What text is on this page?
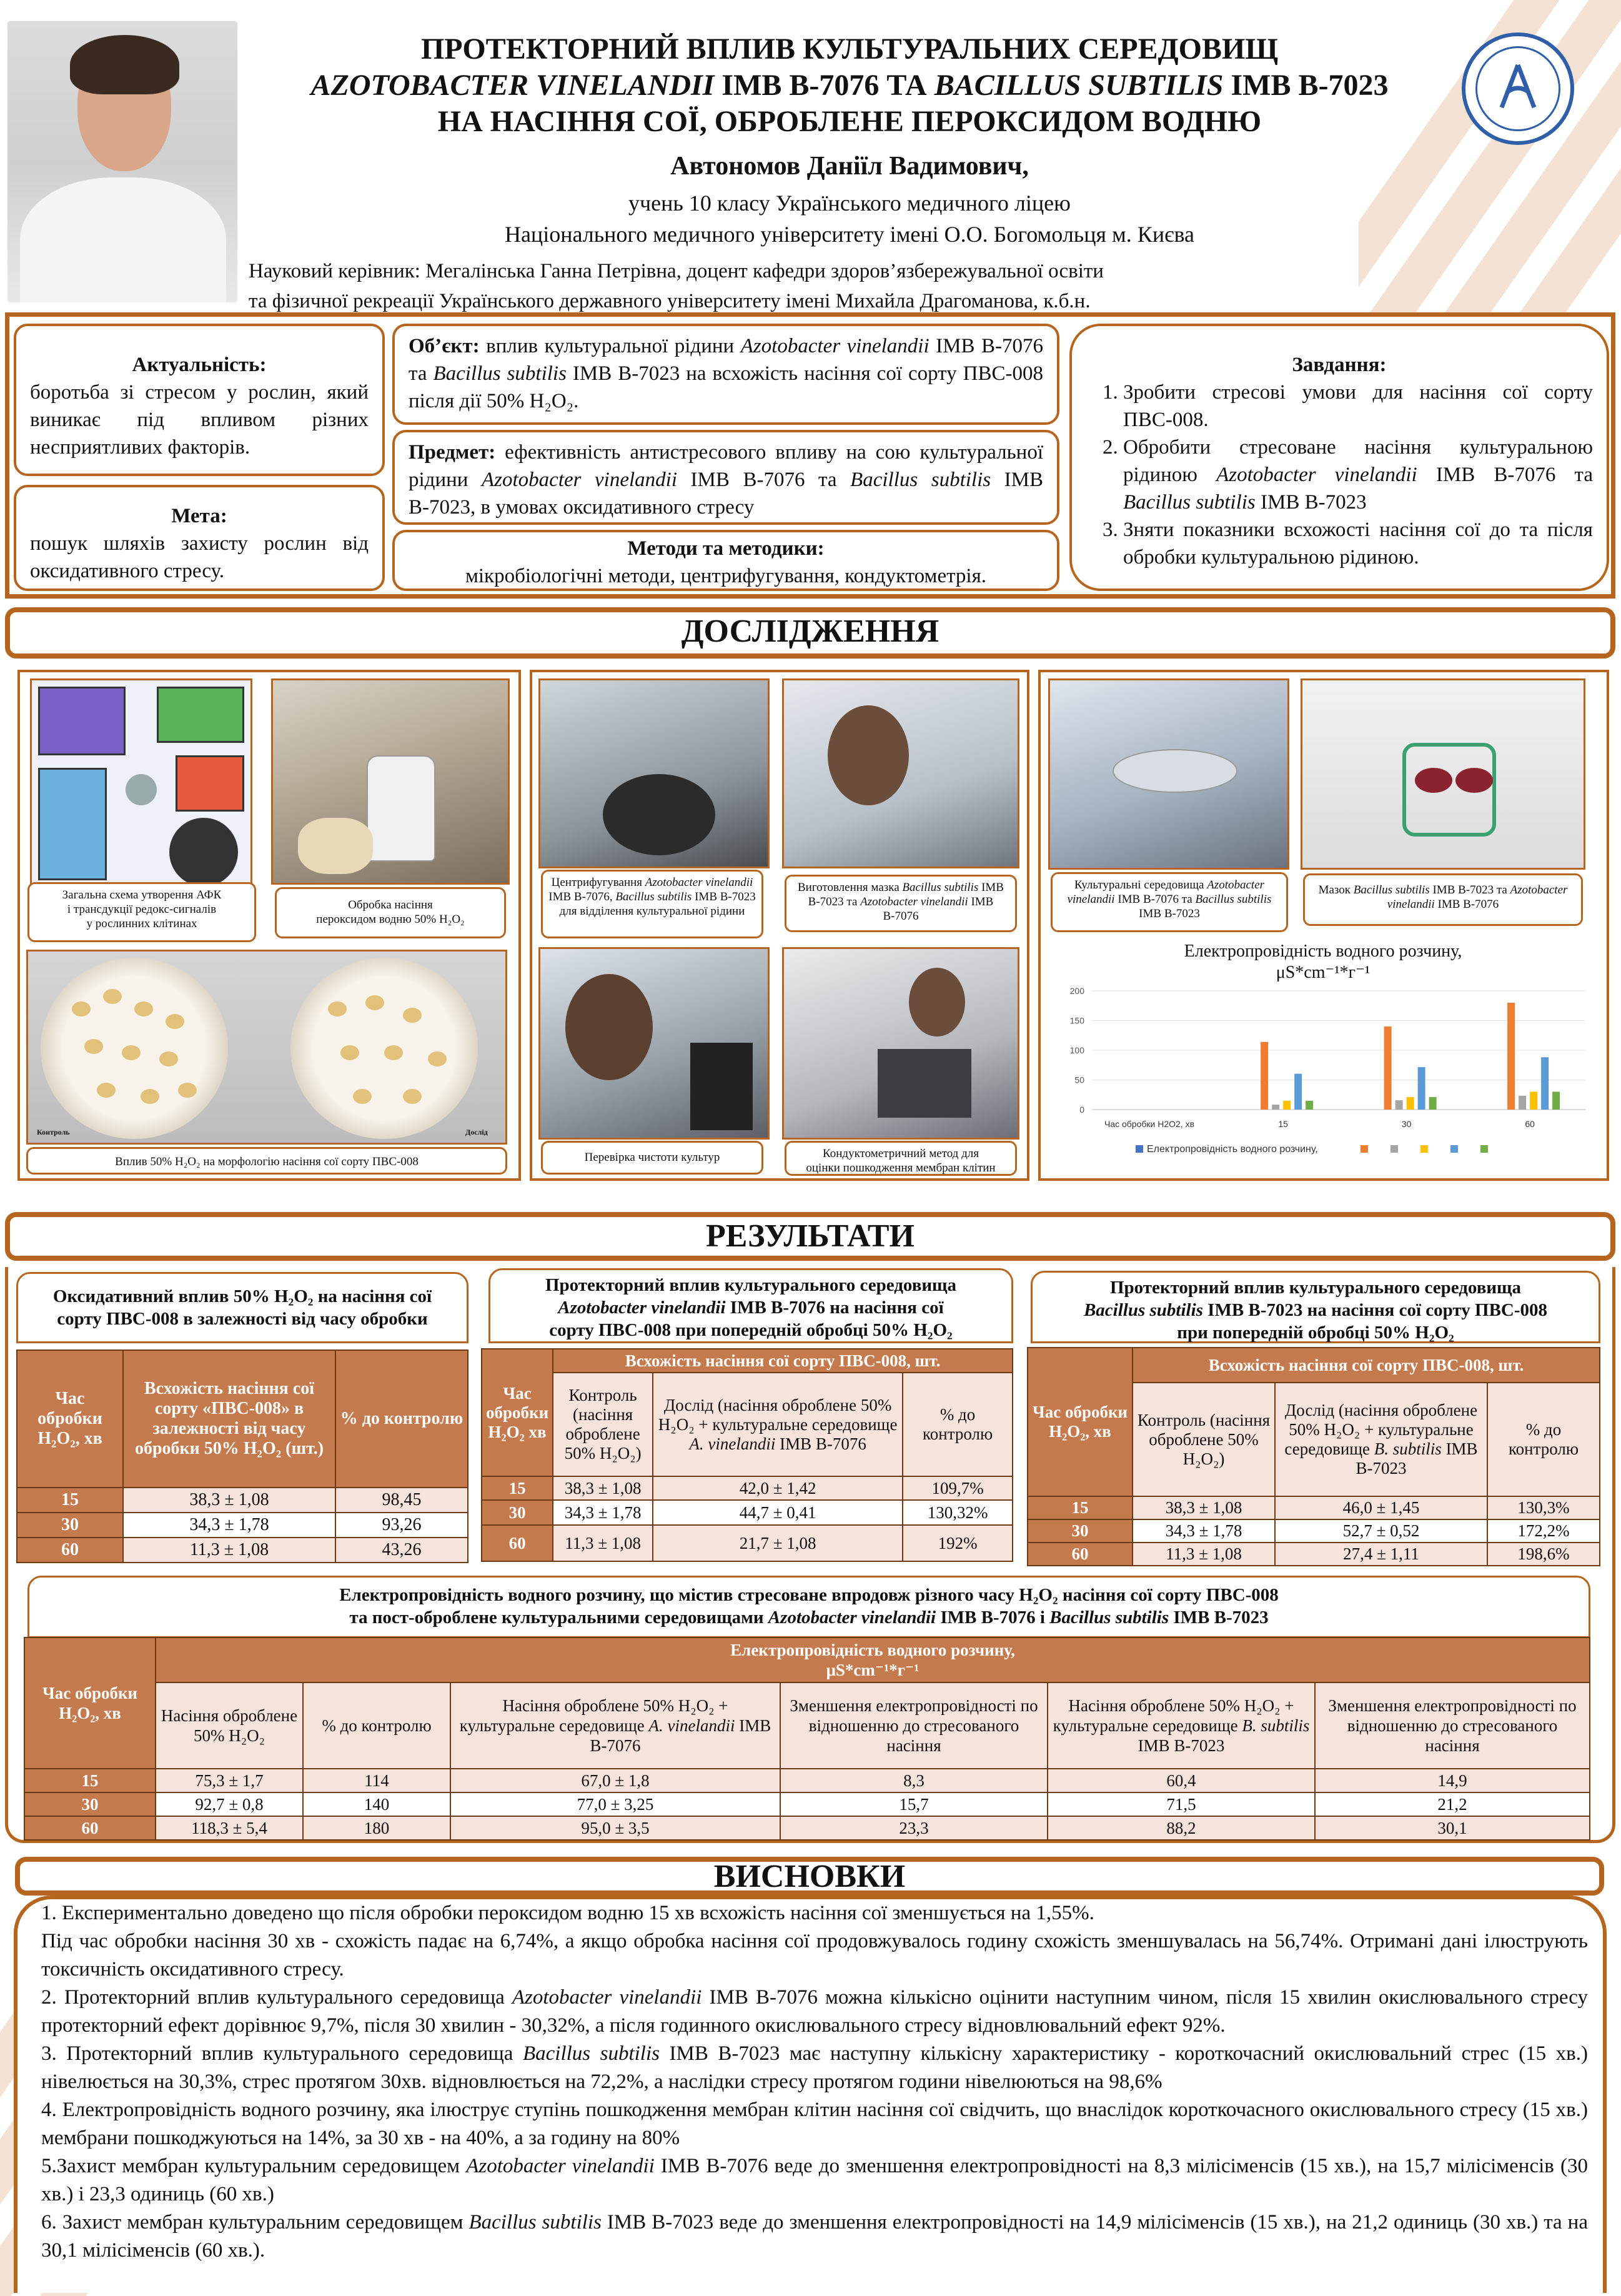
ПРОТЕКТОРНИЙ ВПЛИВ КУЛЬТУРАЛЬНИХ СЕРЕДОВИЩ
AZOTOBACTER VINELANDII ІМВ В-7076 ТА BACILLUS SUBTILIS ІМВ В-7023
НА НАСІННЯ СОЇ, ОБРОБЛЕНЕ ПЕРОКСИДОМ ВОДНЮ
Автономов Даніїл Вадимович,
учень 10 класу Українського медичного ліцею
Національного медичного університету імені О.О. Богомольця м. Києва
Науковий керівник: Мегалінська Ганна Петрівна, доцент кафедри здоров’язбережувальної освіти
та фізичної рекреації Українського державного університету імені Михайла Драгоманова, к.б.н.
Актуальність:
боротьба зі стресом у рослин, який виникає під впливом різних несприятливих факторів.
Мета:
пошук шляхів захисту рослин від оксидативного стресу.
Об’єкт: вплив культуральної рідини Azotobacter vinelandii ІМВ В-7076 та Bacillus subtilis ІМВ В-7023 на всхожість насіння сої сорту ПВС-008 після дії 50% H₂O₂.
Предмет: ефективність антистресового впливу на сою культуральної рідини Azotobacter vinelandii ІМВ В-7076 та Bacillus subtilis ІМВ В-7023, в умовах оксидативного стресу
Методи та методики:
мікробіологічні методи, центрифугування, кондуктометрія.
Завдання:
1. Зробити стресові умови для насіння сої сорту ПВС-008.
2. Обробити стресоване насіння культуральною рідиною Azotobacter vinelandii ІМВ В-7076 та Bacillus subtilis ІМВ В-7023
3. Зняти показники всхожості насіння сої до та після обробки культуральною рідиною.
ДОСЛІДЖЕННЯ
Загальна схема утворення АФК
і трансдукції редокс-сигналів
у рослинних клітинах
Обробка насіння
пероксидом водню 50% H₂O₂
Контроль	Дослід
Вплив 50% H₂O₂ на морфологію насіння сої сорту ПВС-008
Центрифугування Azotobacter vinelandii ІМВ В-7076, Bacillus subtilis ІМВ В-7023 для відділення культуральної рідини
Виготовлення мазка Bacillus subtilis ІМВ В-7023 та Azotobacter vinelandii ІМВ В-7076
Перевірка чистоти культур	Кондуктометричний метод для
оцінки пошкодження мембран клітин
Культуральні середовища Azotobacter vinelandii ІМВ В-7076 та Bacillus subtilis ІМВ В-7023
Мазок Bacillus subtilis ІМВ В-7023 та Azotobacter vinelandii ІМВ В-7076
Електропровідність водного розчину,
μS*cm⁻¹*г⁻¹
0
50
100
150
200
Час обробки H2O2, хв	15	30	60
Електропровідність водного розчину,
РЕЗУЛЬТАТИ
Оксидативний вплив 50% H₂O₂ на насіння сої
сорту ПВС-008 в залежності від часу обробки
Час обробки H₂O₂, хв	Всхожість насіння сої сорту «ПВС-008» в залежності від часу обробки 50% H₂O₂ (шт.)	% до контролю
15	38,3 ± 1,08	98,45
30	34,3 ± 1,78	93,26
60	11,3 ± 1,08	43,26
Протекторний вплив культурального середовища
Azotobacter vinelandii ІМВ В-7076 на насіння сої
сорту ПВС-008 при попередній обробці 50% H₂O₂
Час обробки H₂O₂ хв	Всхожість насіння сої сорту ПВС-008, шт.		
	Контроль (насіння оброблене 50% H₂O₂)	Дослід (насіння оброблене 50% H₂O₂ + культуральне середовище A. vinelandii ІМВ В-7076	% до контролю
15	38,3 ± 1,08	42,0 ± 1,42	109,7%
30	34,3 ± 1,78	44,7 ± 0,41	130,32%
60	11,3 ± 1,08	21,7 ± 1,08	192%
Протекторний вплив культурального середовища
Bacillus subtilis ІМВ В-7023 на насіння сої сорту ПВС-008
при попередній обробці 50% H₂O₂
Час обробки H₂O₂, хв	Всхожість насіння сої сорту ПВС-008, шт.		
	Контроль (насіння оброблене 50% H₂O₂)	Дослід (насіння оброблене 50% H₂O₂ + культуральне середовище B. subtilis ІМВ В-7023	% до контролю
15	38,3 ± 1,08	46,0 ± 1,45	130,3%
30	34,3 ± 1,78	52,7 ± 0,52	172,2%
60	11,3 ± 1,08	27,4 ± 1,11	198,6%
Електропровідність водного розчину, що містив стресоване впродовж різного часу H₂O₂ насіння сої сорту ПВС-008
та пост-оброблене культуральними середовищами Azotobacter vinelandii ІМВ В-7076 і Bacillus subtilis ІМВ В-7023
Час обробки H₂O₂, хв	Електропровідність водного розчину,
μS*cm⁻¹*г⁻¹					

	Насіння оброблене 50% H₂O₂	% до контролю	Насіння оброблене 50% H₂O₂ + культуральне середовище A. vinelandii ІМВ В-7076	Зменшення електропровідності по відношенню до стресованого насіння	Насіння оброблене 50% H₂O₂ + культуральне середовище B. subtilis ІМВ В-7023	Зменшення електропровідності по відношенню до стресованого насіння
15	75,3 ± 1,7	114	67,0 ± 1,8	8,3	60,4	14,9
30	92,7 ± 0,8	140	77,0 ± 3,25	15,7	71,5	21,2
60	118,3 ± 5,4	180	95,0 ± 3,5	23,3	88,2	30,1
ВИСНОВКИ

1. Експериментально доведено що після обробки пероксидом водню 15 хв всхожість насіння сої зменшується на 1,55%.

Під час обробки насіння 30 хв - схожість падає на 6,74%, а якщо обробка насіння сої продовжувалось годину схожість зменшувалась на 56,74%. Отримані дані ілюструють токсичність оксидативного стресу.

2. Протекторний вплив культурального середовища Azotobacter vinelandii ІМВ В-7076 можна кількісно оцінити наступним чином, після 15 хвилин окислювального стресу протекторний ефект дорівнює 9,7%, після 30 хвилин - 30,32%, а після годинного окислювального стресу відновлювальний ефект 92%.

3. Протекторний вплив культурального середовища Bacillus subtilis ІМВ В-7023 має наступну кількісну характеристику - короткочасний окислювальний стрес (15 хв.) нівелюється на 30,3%, стрес протягом 30хв. відновлюється на 72,2%, а наслідки стресу протягом години нівелюються на 98,6%

4. Електропровідність водного розчину, яка ілюструє ступінь пошкодження мембран клітин насіння сої свідчить, що внаслідок короткочасного окислювального стресу (15 хв.) мембрани пошкоджуються на 14%, за 30 хв - на 40%, а за годину на 80%

5.Захист мембран культуральним середовищем Azotobacter vinelandii ІМВ В-7076 веде до зменшення електропровідності на 8,3 мілісіменсів (15 хв.), на 15,7 мілісіменсів (30 хв.) і 23,3 одиниць (60 хв.)

6. Захист мембран культуральним середовищем Bacillus subtilis ІМВ В-7023 веде до зменшення електропровідності на 14,9 мілісіменсів (15 хв.), на 21,2 одиниць (30 хв.) та на 30,1 мілісіменсів (60 хв.).
